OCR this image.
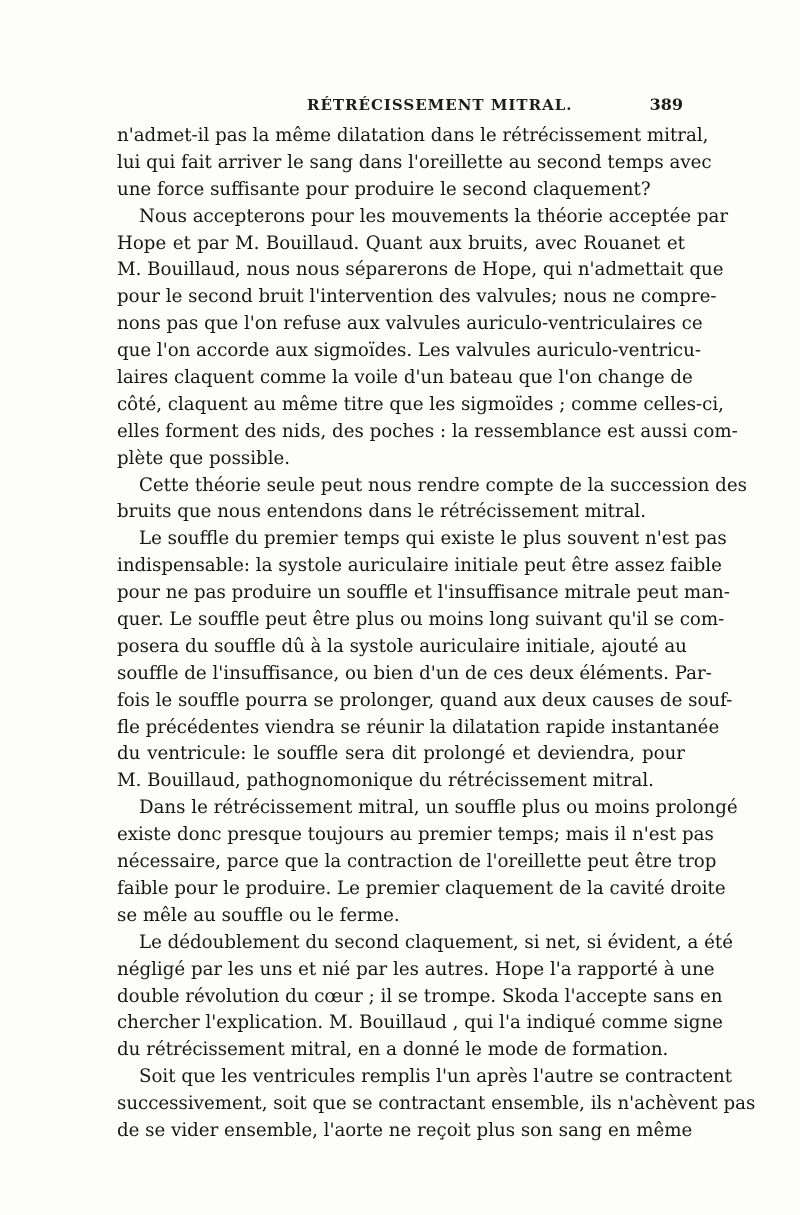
RÉTRÉCISSEMENT MITRAL.	389
n'admet-il pas la même dilatation dans le rétrécissement mitral,
lui qui fait arriver le sang dans l'oreillette au second temps avec
une force suffisante pour produire le second claquement?
Nous accepterons pour les mouvements la théorie acceptée par
Hope et par M. Bouillaud. Quant aux bruits, avec Rouanet et
M. Bouillaud, nous nous séparerons de Hope, qui n'admettait que
pour le second bruit l'intervention des valvules; nous ne compre-
nons pas que l'on refuse aux valvules auriculo-ventriculaires ce
que l'on accorde aux sigmoïdes. Les valvules auriculo-ventricu-
laires claquent comme la voile d'un bateau que l'on change de
côté, claquent au même titre que les sigmoïdes ; comme celles-ci,
elles forment des nids, des poches : la ressemblance est aussi com-
plète que possible.
Cette théorie seule peut nous rendre compte de la succession des
bruits que nous entendons dans le rétrécissement mitral.
Le souffle du premier temps qui existe le plus souvent n'est pas
indispensable: la systole auriculaire initiale peut être assez faible
pour ne pas produire un souffle et l'insuffisance mitrale peut man-
quer. Le souffle peut être plus ou moins long suivant qu'il se com-
posera du souffle dû à la systole auriculaire initiale, ajouté au
souffle de l'insuffisance, ou bien d'un de ces deux éléments. Par-
fois le souffle pourra se prolonger, quand aux deux causes de souf-
fle précédentes viendra se réunir la dilatation rapide instantanée
du ventricule: le souffle sera dit prolongé et deviendra, pour
M. Bouillaud, pathognomonique du rétrécissement mitral.
Dans le rétrécissement mitral, un souffle plus ou moins prolongé
existe donc presque toujours au premier temps; mais il n'est pas
nécessaire, parce que la contraction de l'oreillette peut être trop
faible pour le produire. Le premier claquement de la cavité droite
se mêle au souffle ou le ferme.
Le dédoublement du second claquement, si net, si évident, a été
négligé par les uns et nié par les autres. Hope l'a rapporté à une
double révolution du cœur ; il se trompe. Skoda l'accepte sans en
chercher l'explication. M. Bouillaud , qui l'a indiqué comme signe
du rétrécissement mitral, en a donné le mode de formation.
Soit que les ventricules remplis l'un après l'autre se contractent
successivement, soit que se contractant ensemble, ils n'achèvent pas
de se vider ensemble, l'aorte ne reçoit plus son sang en même
